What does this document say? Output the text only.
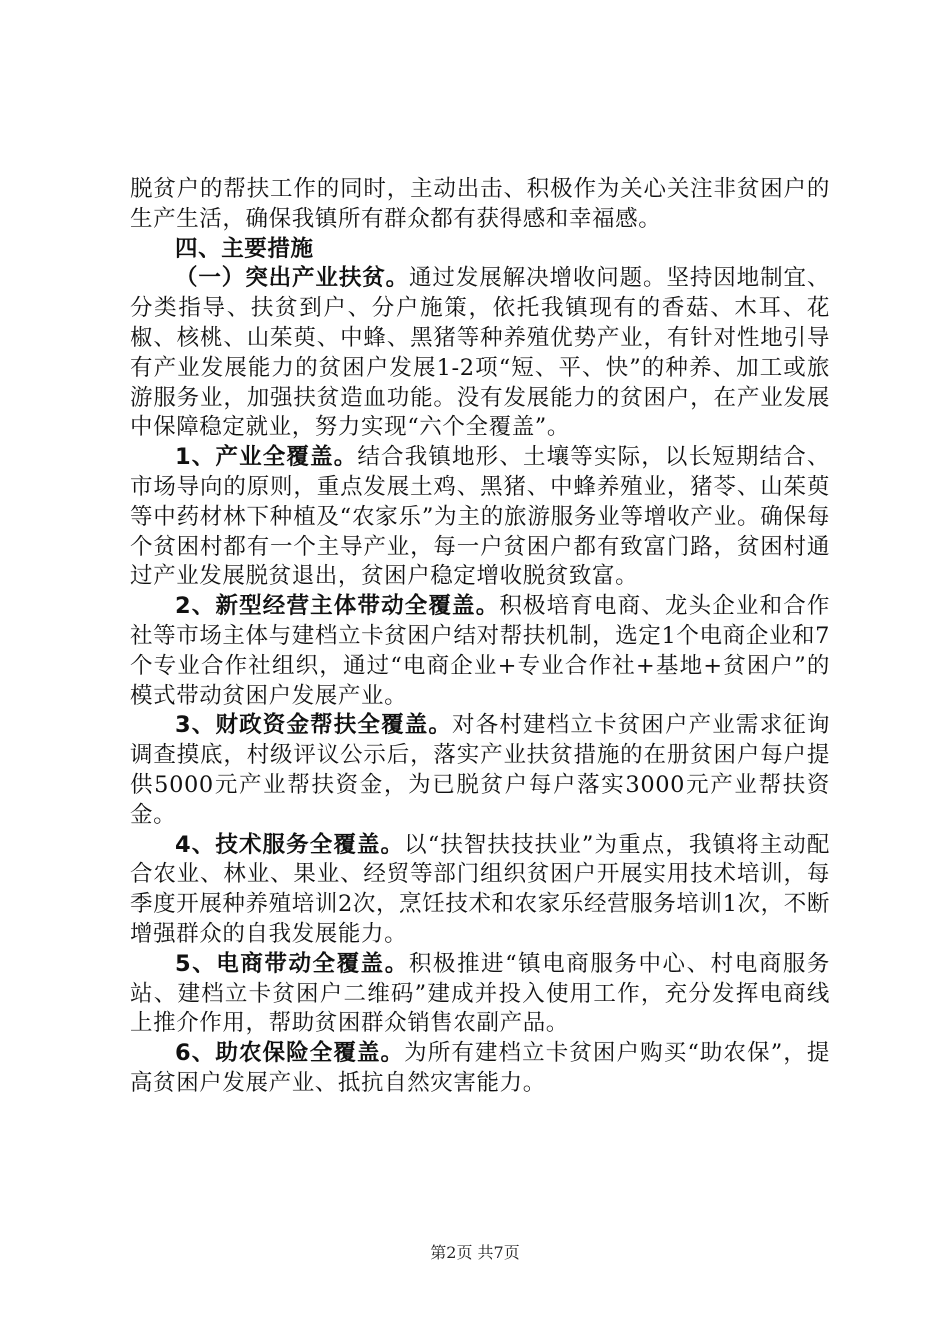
脱贫户的帮扶工作的同时，主动出击、积极作为关心关注非贫困户的生产生活，确保我镇所有群众都有获得感和幸福感。

四、主要措施

（一）突出产业扶贫。通过发展解决增收问题。坚持因地制宜、分类指导、扶贫到户、分户施策，依托我镇现有的香菇、木耳、花椒、核桃、山茱萸、中蜂、黑猪等种养殖优势产业，有针对性地引导有产业发展能力的贫困户发展1-2项“短、平、快”的种养、加工或旅游服务业，加强扶贫造血功能。没有发展能力的贫困户，在产业发展中保障稳定就业，努力实现“六个全覆盖”。

1、产业全覆盖。结合我镇地形、土壤等实际，以长短期结合、市场导向的原则，重点发展土鸡、黑猪、中蜂养殖业，猪苓、山茱萸等中药材林下种植及“农家乐”为主的旅游服务业等增收产业。确保每个贫困村都有一个主导产业，每一户贫困户都有致富门路，贫困村通过产业发展脱贫退出，贫困户稳定增收脱贫致富。

2、新型经营主体带动全覆盖。积极培育电商、龙头企业和合作社等市场主体与建档立卡贫困户结对帮扶机制，选定1个电商企业和7个专业合作社组织，通过“电商企业+专业合作社+基地+贫困户”的模式带动贫困户发展产业。

3、财政资金帮扶全覆盖。对各村建档立卡贫困户产业需求征询调查摸底，村级评议公示后，落实产业扶贫措施的在册贫困户每户提供5000元产业帮扶资金，为已脱贫户每户落实3000元产业帮扶资金。

4、技术服务全覆盖。以“扶智扶技扶业”为重点，我镇将主动配合农业、林业、果业、经贸等部门组织贫困户开展实用技术培训，每季度开展种养殖培训2次，烹饪技术和农家乐经营服务培训1次，不断增强群众的自我发展能力。

5、电商带动全覆盖。积极推进“镇电商服务中心、村电商服务站、建档立卡贫困户二维码”建成并投入使用工作，充分发挥电商线上推介作用，帮助贫困群众销售农副产品。

6、助农保险全覆盖。为所有建档立卡贫困户购买“助农保”，提高贫困户发展产业、抵抗自然灾害能力。

第2页 共7页
